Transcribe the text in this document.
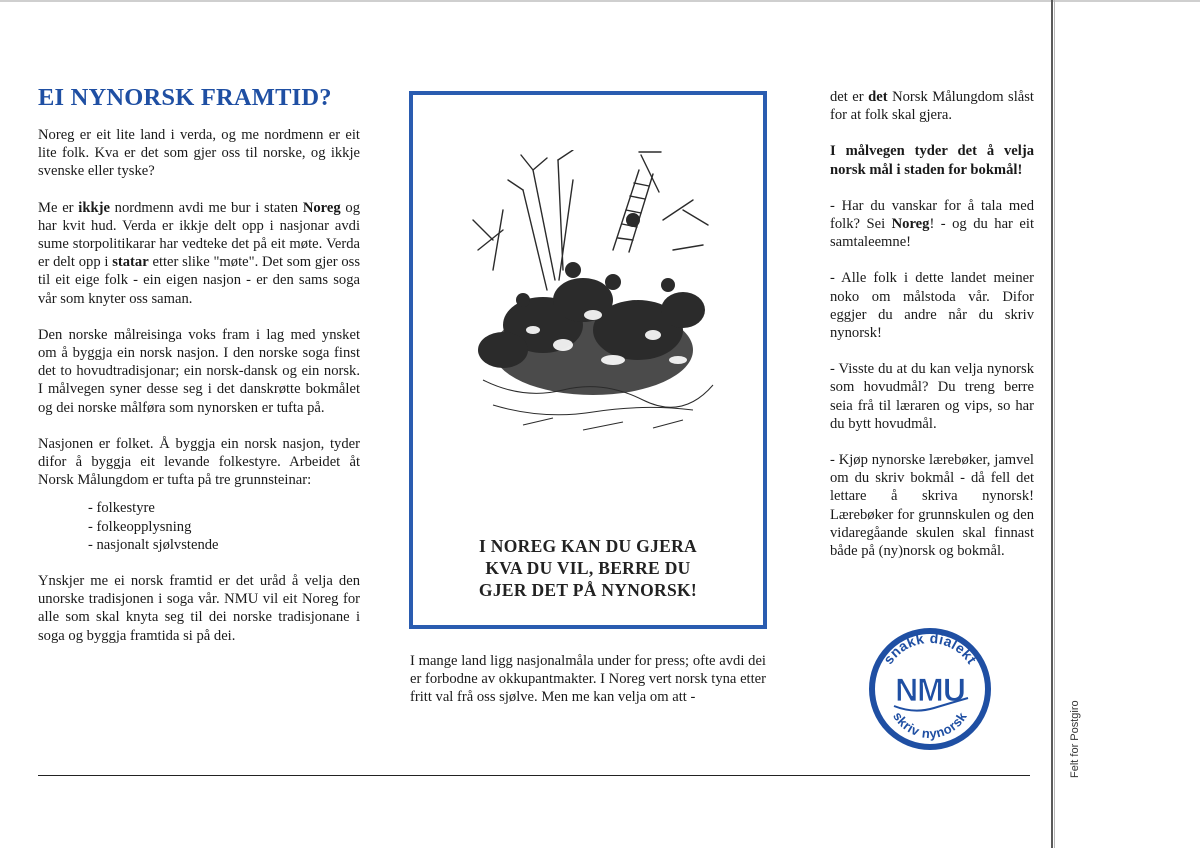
EI NYNORSK FRAMTID?

Noreg er eit lite land i verda, og me nordmenn er eit lite folk. Kva er det som gjer oss til norske, og ikkje svenske eller tyske?

Me er ikkje nordmenn avdi me bur i staten Noreg og har kvit hud. Verda er ikkje delt opp i nasjonar avdi sume storpolitikarar har vedteke det på eit møte. Verda er delt opp i statar etter slike "møte". Det som gjer oss til eit eige folk - ein eigen nasjon - er den sams soga vår som knyter oss saman.

Den norske målreisinga voks fram i lag med ynsket om å byggja ein norsk nasjon. I den norske soga finst det to hovudtradisjonar; ein norsk-dansk og ein norsk. I målvegen syner desse seg i det danskrøtte bokmålet og dei norske målføra som nynorsken er tufta på.

Nasjonen er folket. Å byggja ein norsk nasjon, tyder difor å byggja eit levande folkestyre. Arbeidet åt Norsk Målungdom er tufta på tre grunnsteinar:

- folkestyre
- folkeopplysning
- nasjonalt sjølvstende

Ynskjer me ei norsk framtid er det uråd å velja den unorske tradisjonen i soga vår. NMU vil eit Noreg for alle som skal knyta seg til dei norske tradisjonane i soga og byggja framtida si på dei.

I NOREG KAN DU GJERA
KVA DU VIL, BERRE DU
GJER DET PÅ NYNORSK!

I mange land ligg nasjonalmåla under for press; ofte avdi dei er forbodne av okkupantmakter. I Noreg vert norsk tyna etter fritt val frå oss sjølve. Men me kan velja om att -

det er det Norsk Målungdom slåst for at folk skal gjera.

I målvegen tyder det å velja norsk mål i staden for bokmål!

- Har du vanskar for å tala med folk? Sei Noreg! - og du har eit samtaleemne!

- Alle folk i dette landet meiner noko om målstoda vår. Difor eggjer du andre når du skriv nynorsk!

- Visste du at du kan velja nynorsk som hovudmål? Du treng berre seia frå til læraren og vips, so har du bytt hovudmål.

- Kjøp nynorske lærebøker, jamvel om du skriv bokmål - då fell det lettare å skriva nynorsk! Lærebøker for grunnskulen og den vidaregåande skulen skal finnast både på (ny)norsk og bokmål.

snakk dialekt
NMU
skriv nynorsk	Felt for Postgiro
